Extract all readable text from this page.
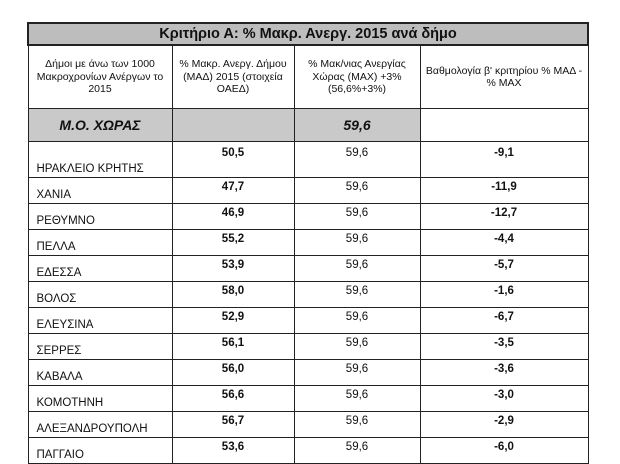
Κριτήριο Α: % Μακρ. Ανεργ. 2015 ανά δήμο			
Δήμοι με άνω των 1000 Μακροχρονίων Ανέργων το 2015	% Μακρ. Ανεργ. Δήμου (ΜΑΔ) 2015 (στοιχεία ΟΑΕΔ)	% Μακ/νιας Ανεργίας Χώρας (ΜΑΧ) +3% (56,6%+3%)	Βαθμολογία β' κριτηρίου % ΜΑΔ - % ΜΑΧ
Μ.Ο. ΧΩΡΑΣ		59,6	
ΗΡΑΚΛΕΙΟ ΚΡΗΤΗΣ	50,5	59,6	-9,1
ΧΑΝΙΑ	47,7	59,6	-11,9
ΡΕΘΥΜΝΟ	46,9	59,6	-12,7
ΠΕΛΛΑ	55,2	59,6	-4,4
ΕΔΕΣΣΑ	53,9	59,6	-5,7
ΒΟΛΟΣ	58,0	59,6	-1,6
ΕΛΕΥΣΙΝΑ	52,9	59,6	-6,7
ΣΕΡΡΕΣ	56,1	59,6	-3,5
ΚΑΒΑΛΑ	56,0	59,6	-3,6
ΚΟΜΟΤΗΝΗ	56,6	59,6	-3,0
ΑΛΕΞΑΝΔΡΟΥΠΟΛΗ	56,7	59,6	-2,9
ΠΑΓΓΑΙΟ	53,6	59,6	-6,0
